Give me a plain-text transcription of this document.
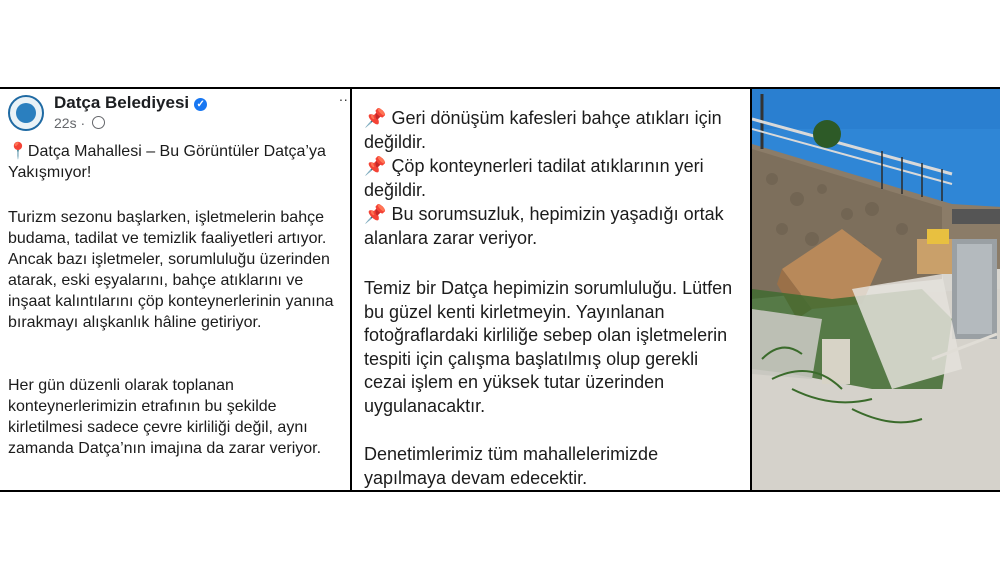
Datça Belediyesi ✓
22s ·
··
📍Datça Mahallesi – Bu Görüntüler Datça’ya Yakışmıyor!
Turizm sezonu başlarken, işletmelerin bahçe budama, tadilat ve temizlik faaliyetleri artıyor. Ancak bazı işletmeler, sorumluluğu üzerinden atarak, eski eşyalarını, bahçe atıklarını ve inşaat kalıntılarını çöp konteynerlerinin yanına bırakmayı alışkanlık hâline getiriyor.
Her gün düzenli olarak toplanan konteynerlerimizin etrafının bu şekilde kirletilmesi sadece çevre kirliliği değil, aynı zamanda Datça’nın imajına da zarar veriyor.
📌 Geri dönüşüm kafesleri bahçe atıkları için değildir.
📌 Çöp konteynerleri tadilat atıklarının yeri değildir.
📌 Bu sorumsuzluk, hepimizin yaşadığı ortak alanlara zarar veriyor.
Temiz bir Datça hepimizin sorumluluğu. Lütfen bu güzel kenti kirletmeyin. Yayınlanan fotoğraflardaki kirliliğe sebep olan işletmelerin tespiti için çalışma başlatılmış olup gerekli cezai işlem en yüksek tutar üzerinden uygulanacaktır.
Denetimlerimiz tüm mahallelerimizde yapılmaya devam edecektir.
